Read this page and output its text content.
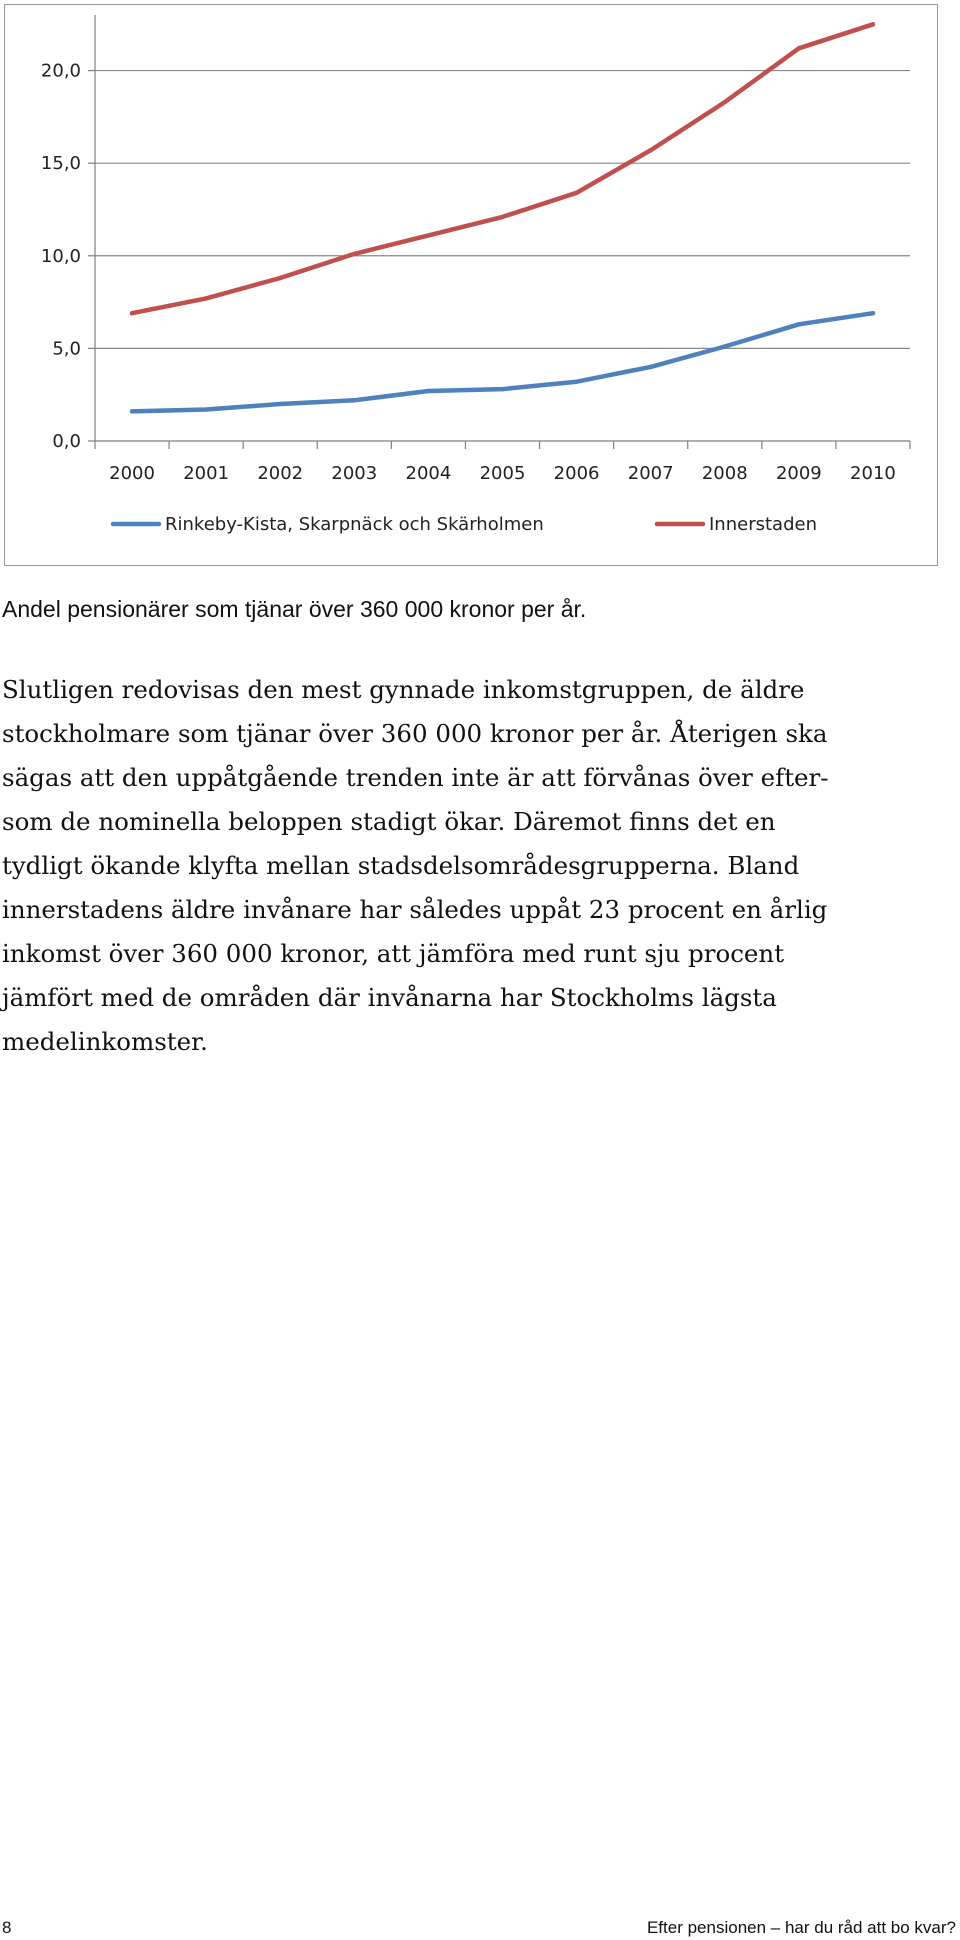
0,0
5,0
10,0
15,0
20,0
2000 2001 2002 2003 2004 2005 2006 2007 2008 2009 2010
Rinkeby-Kista, Skarpnäck och Skärholmen	Innerstaden
Andel pensionärer som tjänar över 360 000 kronor per år.
Slutligen redovisas den mest gynnade inkomstgruppen, de äldre
stockholmare som tjänar över 360 000 kronor per år. Återigen ska
sägas att den uppåtgående trenden inte är att förvånas över efter-
som de nominella beloppen stadigt ökar. Däremot finns det en
tydligt ökande klyfta mellan stadsdelsområdesgrupperna. Bland
innerstadens äldre invånare har således uppåt 23 procent en årlig
inkomst över 360 000 kronor, att jämföra med runt sju procent
jämfört med de områden där invånarna har Stockholms lägsta
medelinkomster.
8	Efter pensionen – har du råd att bo kvar?
